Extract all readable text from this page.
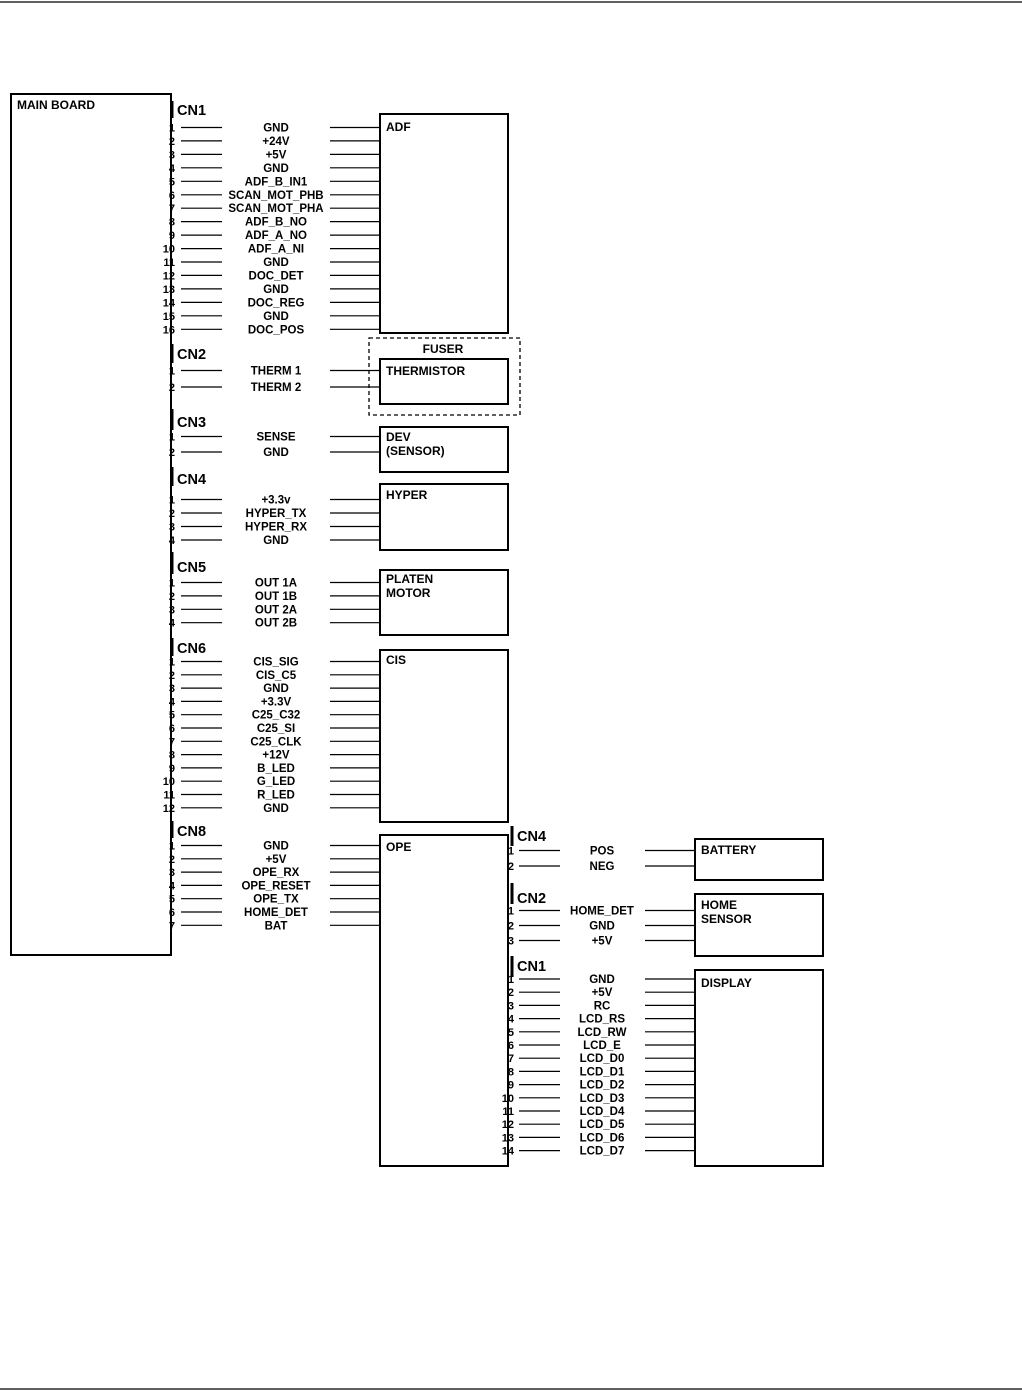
MAIN BOARD
ADF
FUSER
THERMISTOR
DEV
(SENSOR)
HYPER
PLATEN
MOTOR
CIS
OPE	BATTERY
HOME
SENSOR
DISPLAY
CN1
1	GND
2	+24V
3	+5V
4	GND
5	ADF_B_IN1
6	SCAN_MOT_PHB
7	SCAN_MOT_PHA
8	ADF_B_NO
9	ADF_A_NO
10	ADF_A_NI
11	GND
12	DOC_DET
13	GND
14	DOC_REG
15	GND
16	DOC_POS
CN2
1	THERM 1
2	THERM 2
CN3
1	SENSE
2	GND
CN4
1	+3.3v
2	HYPER_TX
3	HYPER_RX
4	GND
CN5
1	OUT 1A
2	OUT 1B
3	OUT 2A
4	OUT 2B
CN6
1	CIS_SIG
2	CIS_C5
3	GND
4	+3.3V
5	C25_C32
6	C25_SI
7	C25_CLK
8	+12V
9	B_LED
10	G_LED
11	R_LED
12	GND
CN8
1	GND
2	+5V
3	OPE_RX
4	OPE_RESET
5	OPE_TX
6	HOME_DET
7	BAT
CN4
1	POS
2	NEG
CN2
1	HOME_DET
2	GND
3	+5V
CN1
1	GND
2	+5V
3	RC
4	LCD_RS
5	LCD_RW
6	LCD_E
7	LCD_D0
8	LCD_D1
9	LCD_D2
10	LCD_D3
11	LCD_D4
12	LCD_D5
13	LCD_D6
14	LCD_D7
